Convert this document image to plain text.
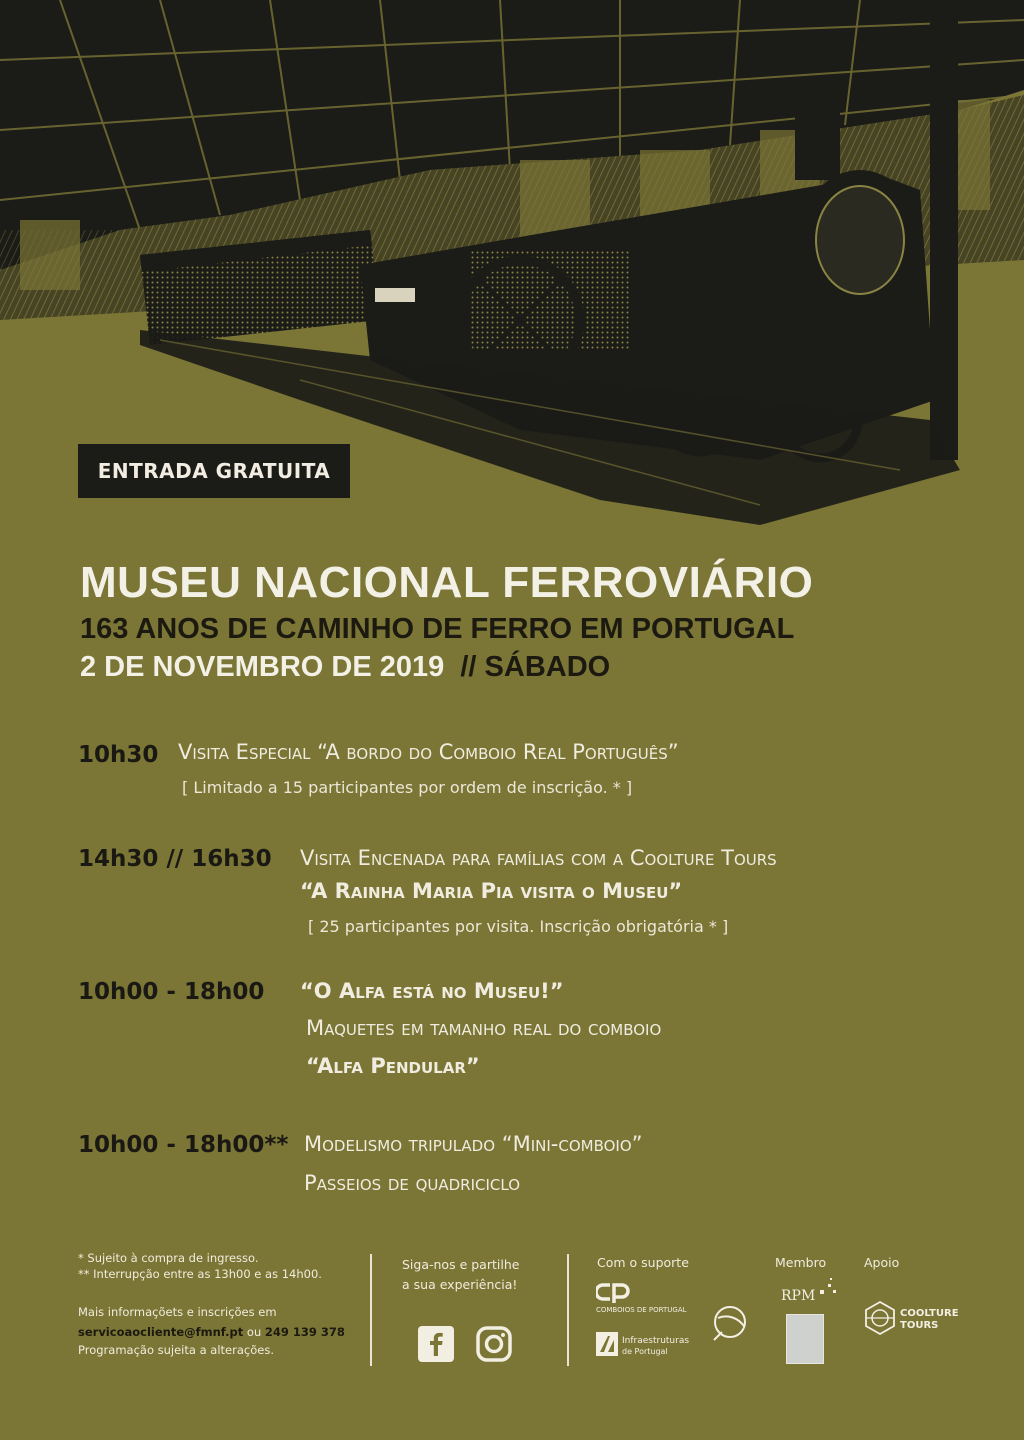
ENTRADA GRATUITA
MUSEU NACIONAL FERROVIÁRIO
163 ANOS DE CAMINHO DE FERRO EM PORTUGAL
2 DE NOVEMBRO DE 2019 // SÁBADO
10h30 Visita Especial “A bordo do Comboio Real Português”
[ Limitado a 15 participantes por ordem de inscrição. * ]
14h30 // 16h30 Visita Encenada para famílias com a Coolture Tours
“A Rainha Maria Pia visita o Museu”
[ 25 participantes por visita. Inscrição obrigatória * ]
10h00 - 18h00 “O Alfa está no Museu!”
Maquetes em tamanho real do comboio
“Alfa Pendular”
10h00 - 18h00** Modelismo tripulado “Mini-comboio”
Passeios de quadriciclo
* Sujeito à compra de ingresso.
** Interrupção entre as 13h00 e as 14h00.
Mais informaçõets e inscrições em
servicoaocliente@fmnf.pt ou 249 139 378
Programação sujeita a alterações.
Siga-nos e partilhe
a sua experiência!
Com o suporte
COMBOIOS DE PORTUGAL
Infraestruturas
de Portugal
Membro
RPM
Apoio
COOLTURE
TOURS
